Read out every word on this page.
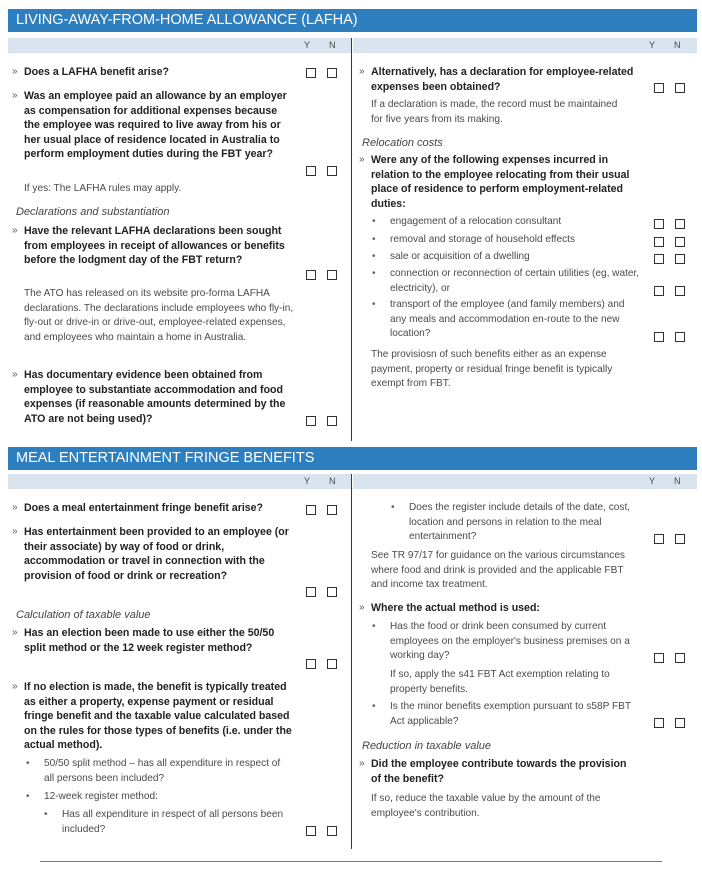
LIVING-AWAY-FROM-HOME ALLOWANCE (LAFHA)
Y N	Y N
» Does a LAFHA benefit arise?
» Was an employee paid an allowance by an employer as compensation for additional expenses because the employee was required to live away from his or her usual place of residence located in Australia to perform employment duties during the FBT year?
If yes: The LAFHA rules may apply.
Declarations and substantiation
» Have the relevant LAFHA declarations been sought from employees in receipt of allowances or benefits before the lodgment day of the FBT return?
The ATO has released on its website pro-forma LAFHA declarations. The declarations include employees who fly-in, fly-out or drive-in or drive-out, employee-related expenses, and employees who maintain a home in Australia.
» Has documentary evidence been obtained from employee to substantiate accommodation and food expenses (if reasonable amounts determined by the ATO are not being used)?
» Alternatively, has a declaration for employee-related expenses been obtained?
If a declaration is made, the record must be maintained for five years from its making.
Relocation costs
» Were any of the following expenses incurred in relation to the employee relocating from their usual place of residence to perform employment-related duties:
• engagement of a relocation consultant
• removal and storage of household effects
• sale or acquisition of a dwelling
• connection or reconnection of certain utilities (eg, water, electricity), or
• transport of the employee (and family members) and any meals and accommodation en-route to the new location?
The provisiosn of such benefits either as an expense payment, property or residual fringe benefit is typically exempt from FBT.
MEAL ENTERTAINMENT FRINGE BENEFITS
Y N	Y N
» Does a meal entertainment fringe benefit arise?
» Has entertainment been provided to an employee (or their associate) by way of food or drink, accommodation or travel in connection with the provision of food or drink or recreation?
Calculation of taxable value
» Has an election been made to use either the 50/50 split method or the 12 week register method?
» If no election is made, the benefit is typically treated as either a property, expense payment or residual fringe benefit and the taxable value calculated based on the rules for those types of benefits (i.e. under the actual method).
• 50/50 split method – has all expenditure in respect of all persons been included?
• 12-week register method:
• Has all expenditure in respect of all persons been included?
• Does the register include details of the date, cost, location and persons in relation to the meal entertainment?
See TR 97/17 for guidance on the various circumstances where food and drink is provided and the applicable FBT and income tax treatment.
» Where the actual method is used:
• Has the food or drink been consumed by current employees on the employer's business premises on a working day?
If so, apply the s41 FBT Act exemption relating to property benefits.
• Is the minor benefits exemption pursuant to s58P FBT Act applicable?
Reduction in taxable value
» Did the employee contribute towards the provision of the benefit?
If so, reduce the taxable value by the amount of the employee's contribution.
